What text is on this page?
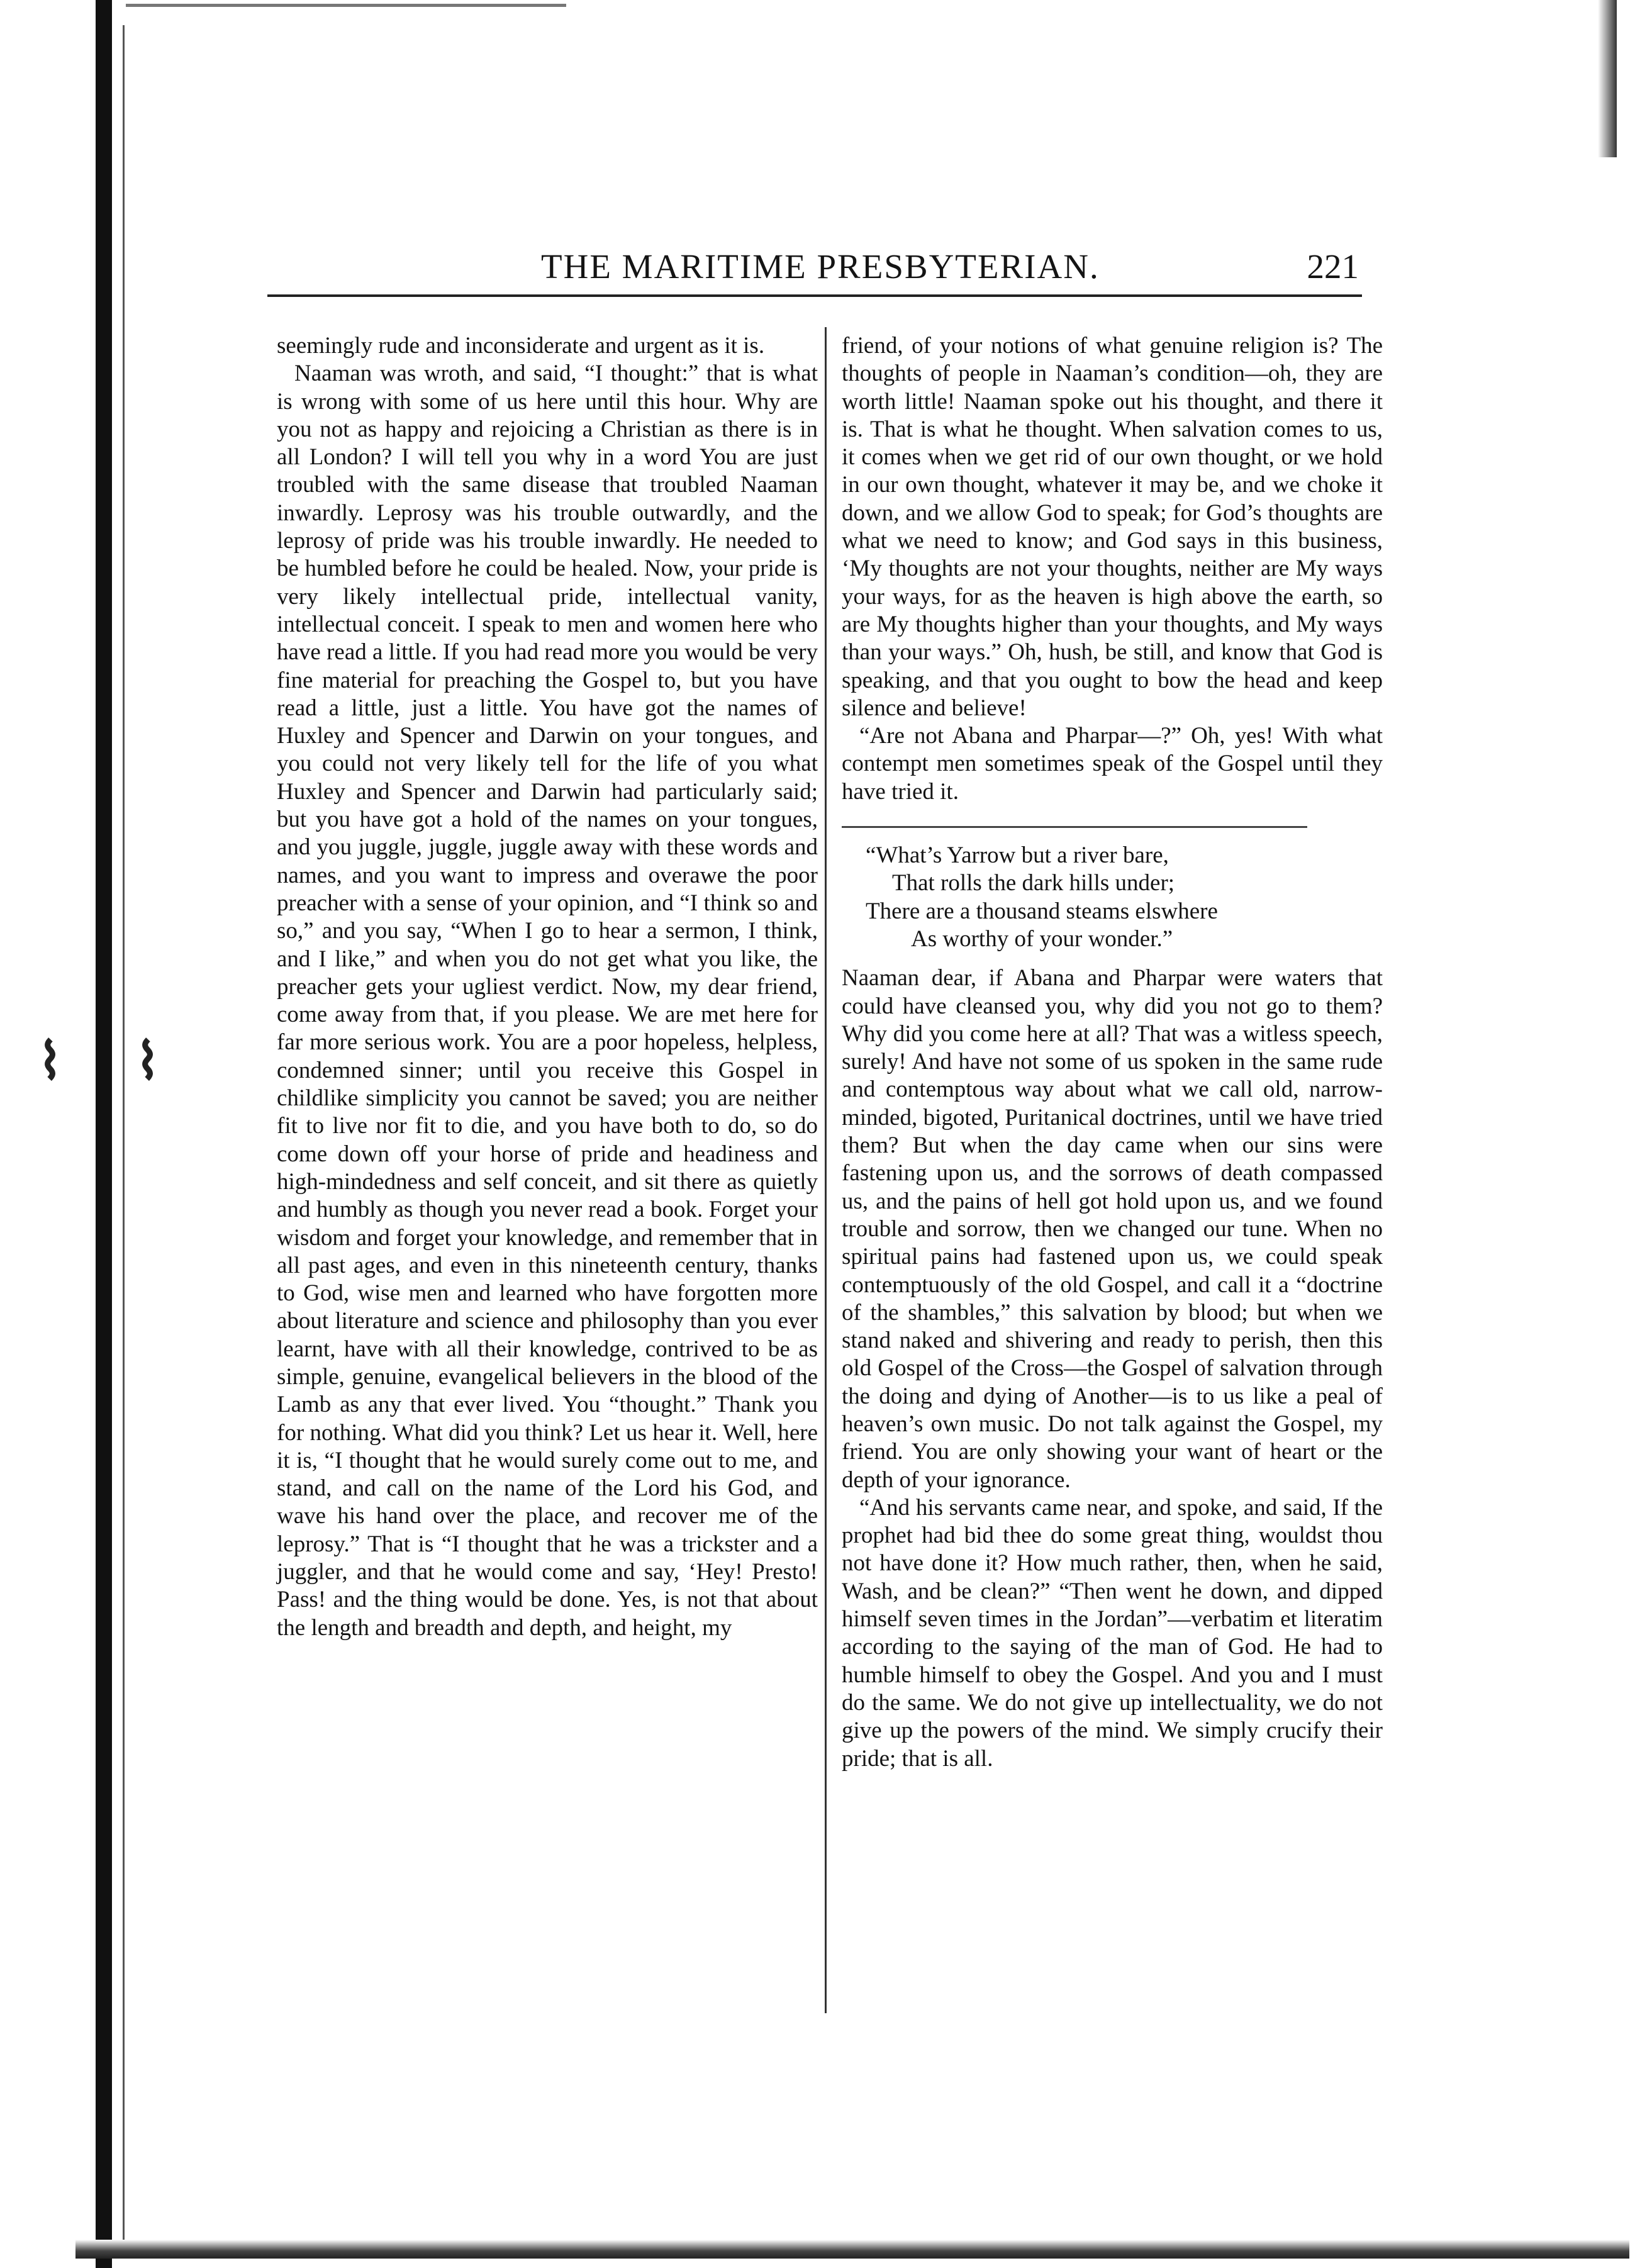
⌇ ⌇
THE MARITIME PRESBYTERIAN.	221

seemingly rude and inconsiderate and urgent as it is.

Naaman was wroth, and said, “I thought:” that is what is wrong with some of us here until this hour. Why are you not as happy and rejoicing a Christian as there is in all London? I will tell you why in a word You are just troubled with the same disease that troubled Naaman inwardly. Leprosy was his trouble outwardly, and the leprosy of pride was his trouble inwardly. He needed to be humbled before he could be healed. Now, your pride is very likely intellectual pride, intellectual vanity, intellectual conceit. I speak to men and women here who have read a little. If you had read more you would be very fine material for preaching the Gospel to, but you have read a little, just a little. You have got the names of Huxley and Spencer and Darwin on your tongues, and you could not very likely tell for the life of you what Huxley and Spencer and Darwin had particularly said; but you have got a hold of the names on your tongues, and you juggle, juggle, juggle away with these words and names, and you want to impress and overawe the poor preacher with a sense of your opinion, and “I think so and so,” and you say, “When I go to hear a sermon, I think, and I like,” and when you do not get what you like, the preacher gets your ugliest verdict. Now, my dear friend, come away from that, if you please. We are met here for far more serious work. You are a poor hopeless, helpless, condemned sinner; until you receive this Gospel in childlike simplicity you cannot be saved; you are neither fit to live nor fit to die, and you have both to do, so do come down off your horse of pride and headiness and high-mindedness and self conceit, and sit there as quietly and humbly as though you never read a book. Forget your wisdom and forget your knowledge, and remember that in all past ages, and even in this nineteenth century, thanks to God, wise men and learned who have forgotten more about literature and science and philosophy than you ever learnt, have with all their knowledge, contrived to be as simple, genuine, evangelical believers in the blood of the Lamb as any that ever lived. You “thought.” Thank you for nothing. What did you think? Let us hear it. Well, here it is, “I thought that he would surely come out to me, and stand, and call on the name of the Lord his God, and wave his hand over the place, and recover me of the leprosy.” That is “I thought that he was a trickster and a juggler, and that he would come and say, ‘Hey! Presto! Pass! and the thing would be done. Yes, is not that about the length and breadth and depth, and height, my

friend, of your notions of what genuine religion is? The thoughts of people in Naaman’s condition—oh, they are worth little! Naaman spoke out his thought, and there it is. That is what he thought. When salvation comes to us, it comes when we get rid of our own thought, or we hold in our own thought, whatever it may be, and we choke it down, and we allow God to speak; for God’s thoughts are what we need to know; and God says in this business, ‘My thoughts are not your thoughts, neither are My ways your ways, for as the heaven is high above the earth, so are My thoughts higher than your thoughts, and My ways than your ways.” Oh, hush, be still, and know that God is speaking, and that you ought to bow the head and keep silence and believe!

“Are not Abana and Pharpar—?” Oh, yes! With what contempt men sometimes speak of the Gospel until they have tried it.

“What’s Yarrow but a river bare,
That rolls the dark hills under;
There are a thousand steams elswhere
As worthy of your wonder.”

Naaman dear, if Abana and Pharpar were waters that could have cleansed you, why did you not go to them? Why did you come here at all? That was a witless speech, surely! And have not some of us spoken in the same rude and contemptous way about what we call old, narrow-minded, bigoted, Puritanical doctrines, until we have tried them? But when the day came when our sins were fastening upon us, and the sorrows of death compassed us, and the pains of hell got hold upon us, and we found trouble and sorrow, then we changed our tune. When no spiritual pains had fastened upon us, we could speak contemptuously of the old Gospel, and call it a “doctrine of the shambles,” this salvation by blood; but when we stand naked and shivering and ready to perish, then this old Gospel of the Cross—the Gospel of salvation through the doing and dying of Another—is to us like a peal of heaven’s own music. Do not talk against the Gospel, my friend. You are only showing your want of heart or the depth of your ignorance.

“And his servants came near, and spoke, and said, If the prophet had bid thee do some great thing, wouldst thou not have done it? How much rather, then, when he said, Wash, and be clean?” “Then went he down, and dipped himself seven times in the Jordan”—verbatim et literatim according to the saying of the man of God. He had to humble himself to obey the Gospel. And you and I must do the same. We do not give up intellectuality, we do not give up the powers of the mind. We simply crucify their pride; that is all.
